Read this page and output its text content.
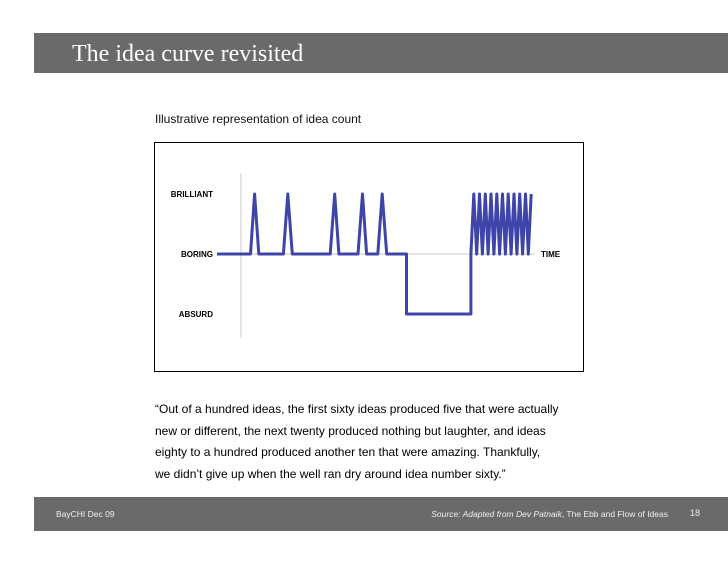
The idea curve revisited
Illustrative representation of idea count
BRILLIANT
BORING
ABSURD
TIME
“Out of a hundred ideas, the first sixty ideas produced five that were actually
new or different, the next twenty produced nothing but laughter, and ideas
eighty to a hundred produced another ten that were amazing. Thankfully,
we didn’t give up when the well ran dry around idea number sixty.”
BayCHI Dec 09	Source: Adapted from Dev Patnaik, The Ebb and Flow of Ideas 18
